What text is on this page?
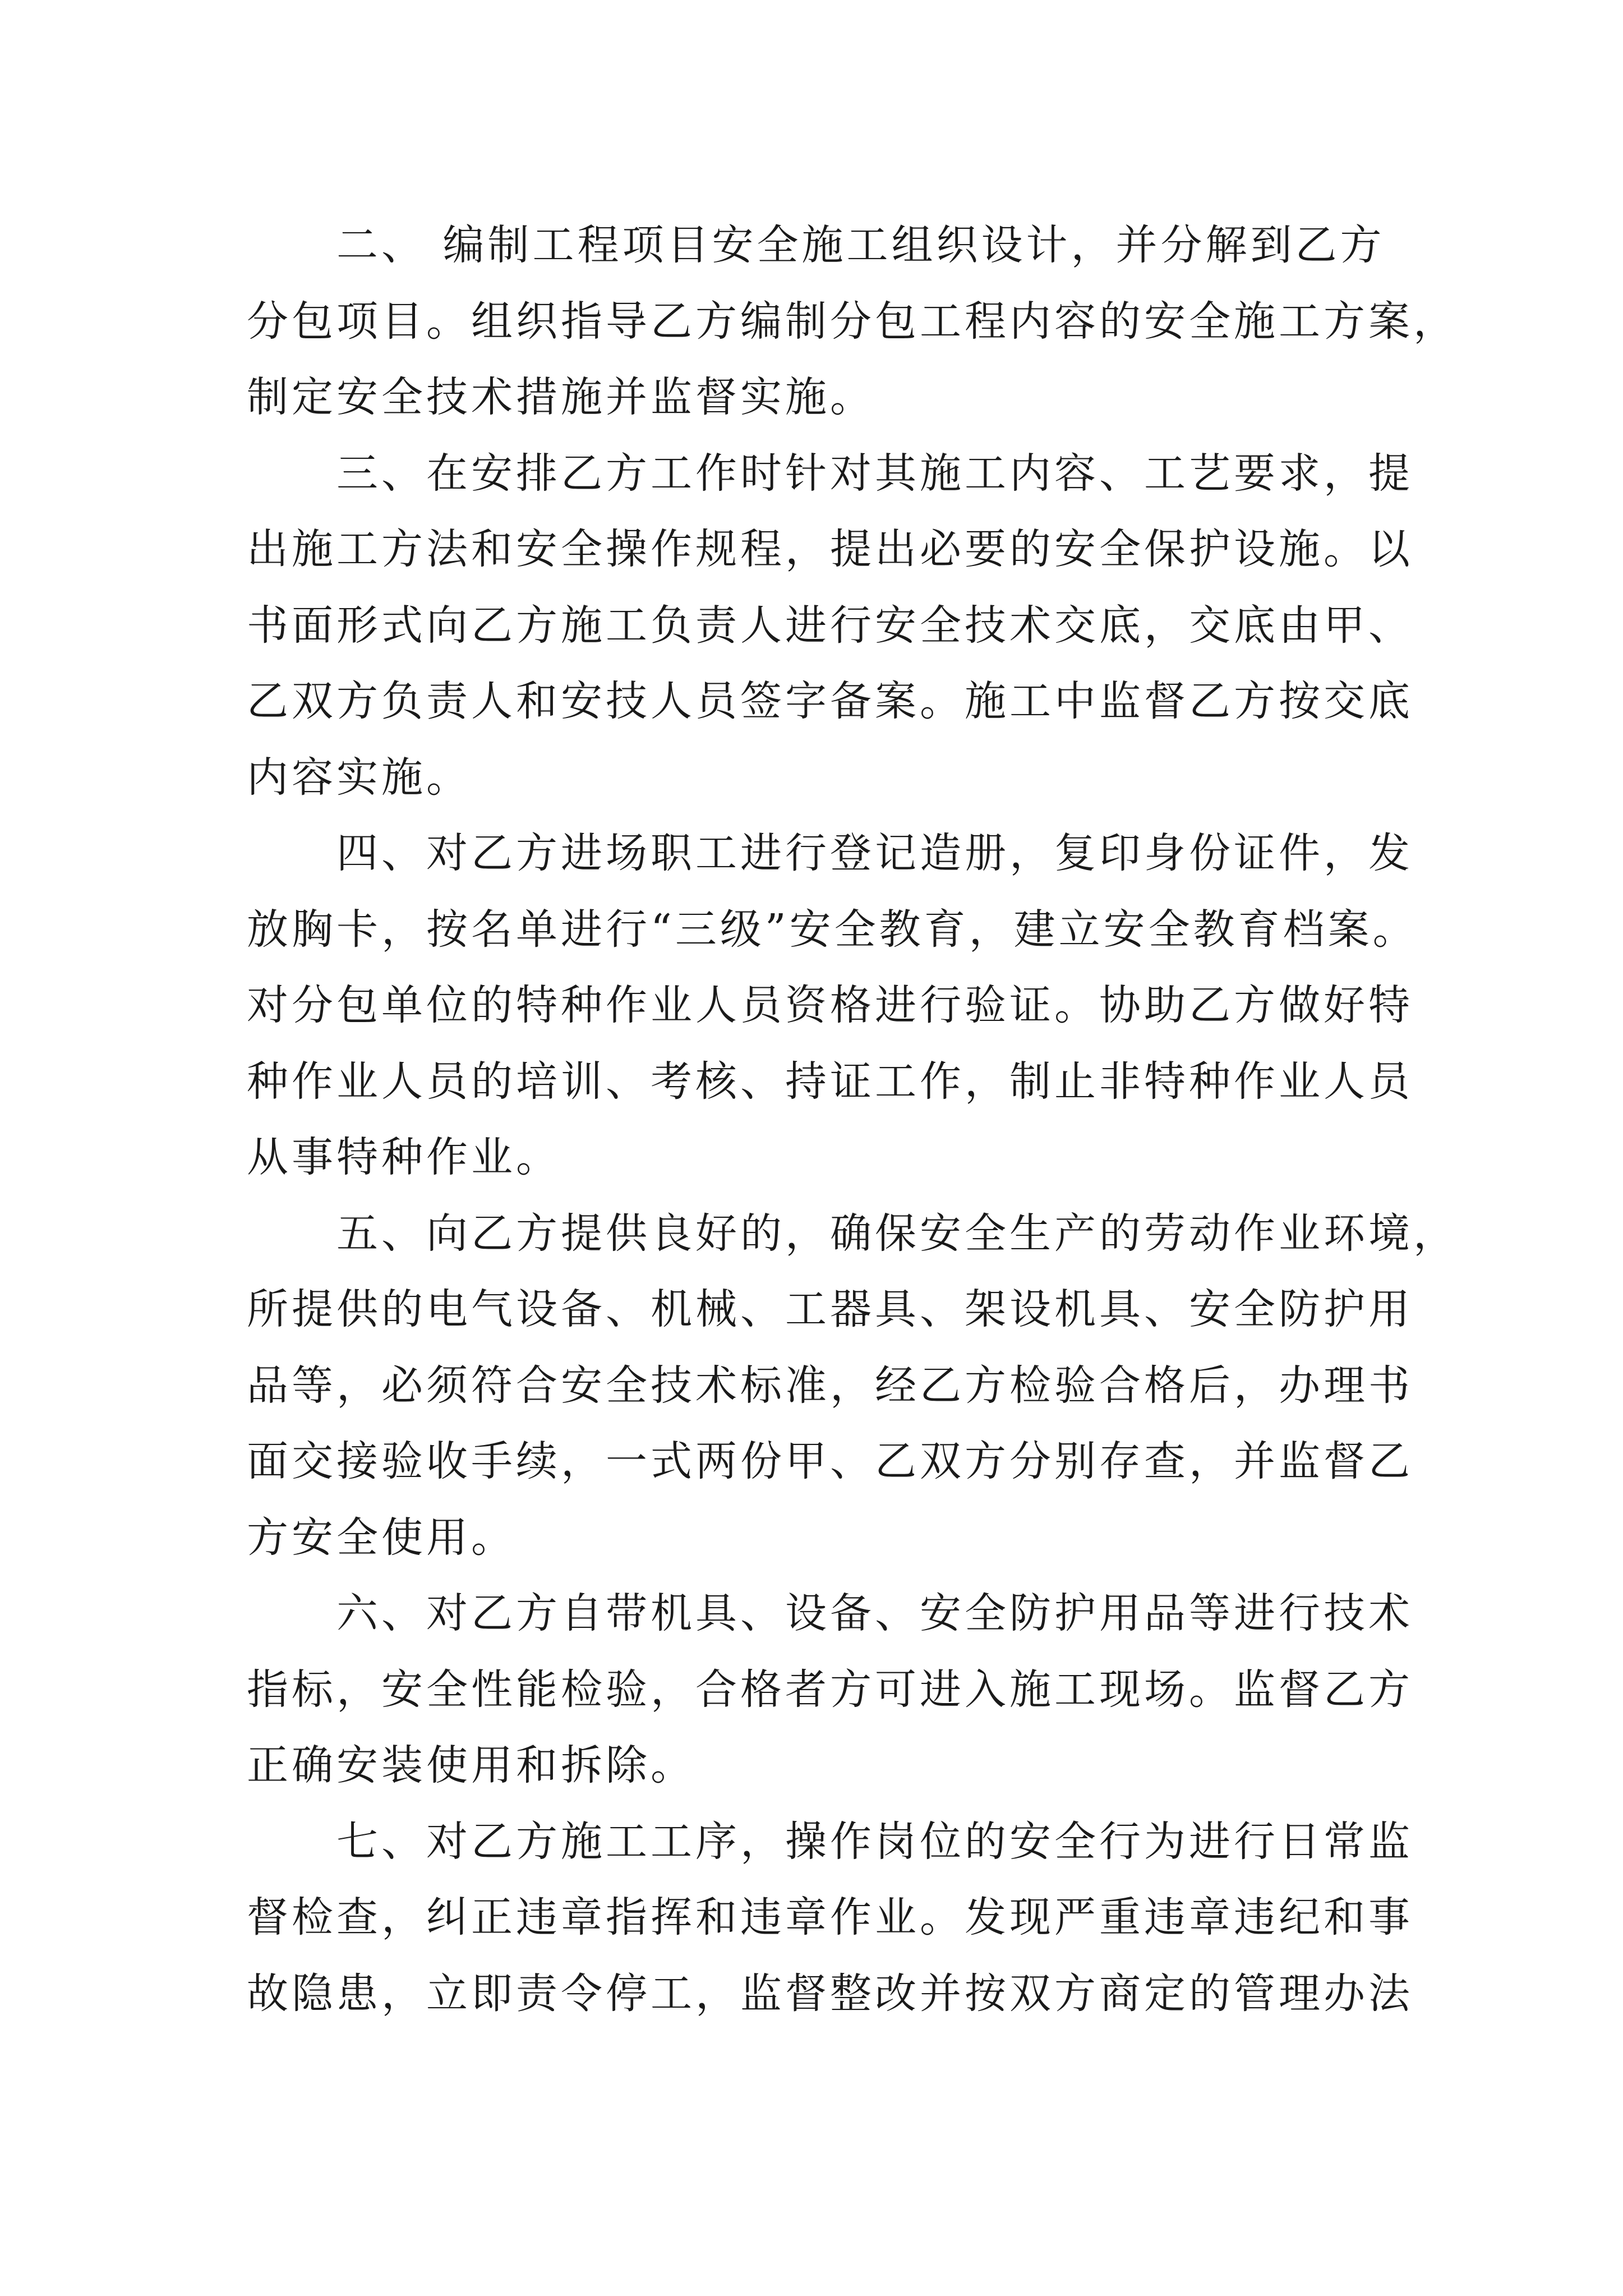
二、 编制工程项目安全施工组织设计，并分解到乙方
分包项目。组织指导乙方编制分包工程内容的安全施工方案，
制定安全技术措施并监督实施。

三、在安排乙方工作时针对其施工内容、工艺要求，提
出施工方法和安全操作规程，提出必要的安全保护设施。以
书面形式向乙方施工负责人进行安全技术交底，交底由甲、
乙双方负责人和安技人员签字备案。施工中监督乙方按交底
内容实施。

四、对乙方进场职工进行登记造册，复印身份证件，发
放胸卡，按名单进行“三级”安全教育，建立安全教育档案。
对分包单位的特种作业人员资格进行验证。协助乙方做好特
种作业人员的培训、考核、持证工作，制止非特种作业人员
从事特种作业。

五、向乙方提供良好的，确保安全生产的劳动作业环境，
所提供的电气设备、机械、工器具、架设机具、安全防护用
品等，必须符合安全技术标准，经乙方检验合格后，办理书
面交接验收手续，一式两份甲、乙双方分别存查，并监督乙
方安全使用。

六、对乙方自带机具、设备、安全防护用品等进行技术
指标，安全性能检验，合格者方可进入施工现场。监督乙方
正确安装使用和拆除。

七、对乙方施工工序，操作岗位的安全行为进行日常监
督检查，纠正违章指挥和违章作业。发现严重违章违纪和事
故隐患，立即责令停工，监督整改并按双方商定的管理办法
